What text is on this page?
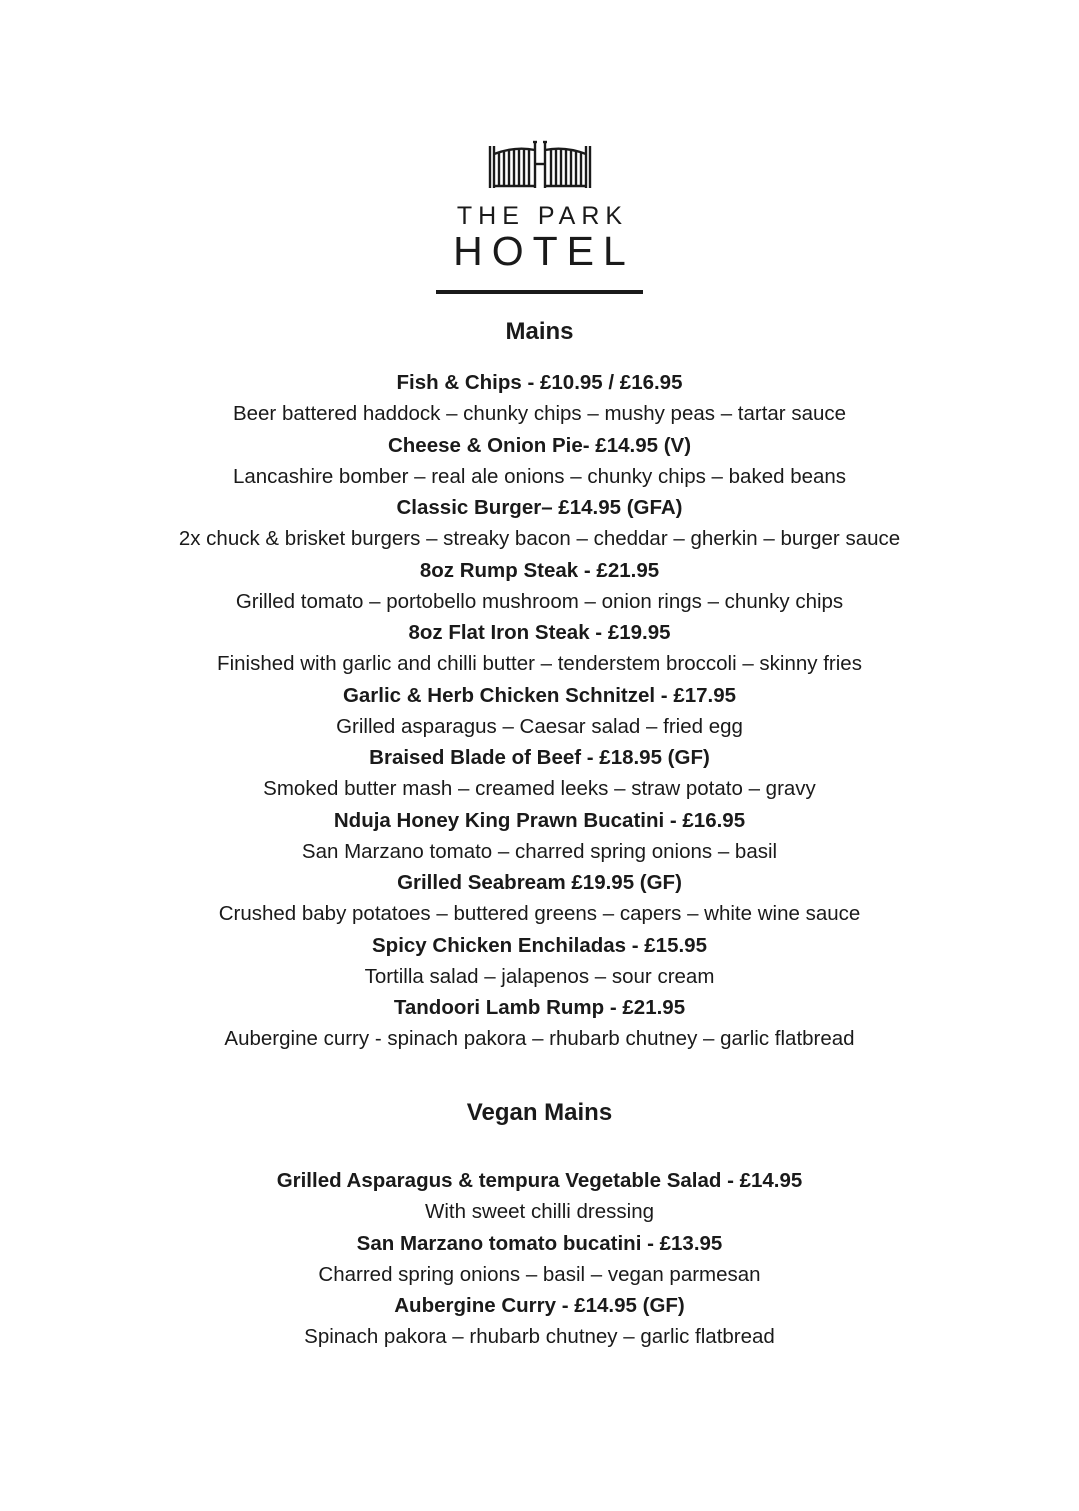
THE PARK
HOTEL
Mains
Fish & Chips - £10.95 / £16.95
Beer battered haddock – chunky chips – mushy peas – tartar sauce
Cheese & Onion Pie- £14.95 (V)
Lancashire bomber – real ale onions – chunky chips – baked beans
Classic Burger– £14.95 (GFA)
2x chuck & brisket burgers – streaky bacon – cheddar – gherkin – burger sauce
8oz Rump Steak - £21.95
Grilled tomato – portobello mushroom – onion rings – chunky chips
8oz Flat Iron Steak - £19.95
Finished with garlic and chilli butter – tenderstem broccoli – skinny fries
Garlic & Herb Chicken Schnitzel - £17.95
Grilled asparagus – Caesar salad – fried egg
Braised Blade of Beef - £18.95 (GF)
Smoked butter mash – creamed leeks – straw potato – gravy
Nduja Honey King Prawn Bucatini - £16.95
San Marzano tomato – charred spring onions – basil
Grilled Seabream £19.95 (GF)
Crushed baby potatoes – buttered greens – capers – white wine sauce
Spicy Chicken Enchiladas - £15.95
Tortilla salad – jalapenos – sour cream
Tandoori Lamb Rump - £21.95
Aubergine curry - spinach pakora – rhubarb chutney – garlic flatbread
Vegan Mains
Grilled Asparagus & tempura Vegetable Salad - £14.95
With sweet chilli dressing
San Marzano tomato bucatini - £13.95
Charred spring onions – basil – vegan parmesan
Aubergine Curry - £14.95 (GF)
Spinach pakora – rhubarb chutney – garlic flatbread
